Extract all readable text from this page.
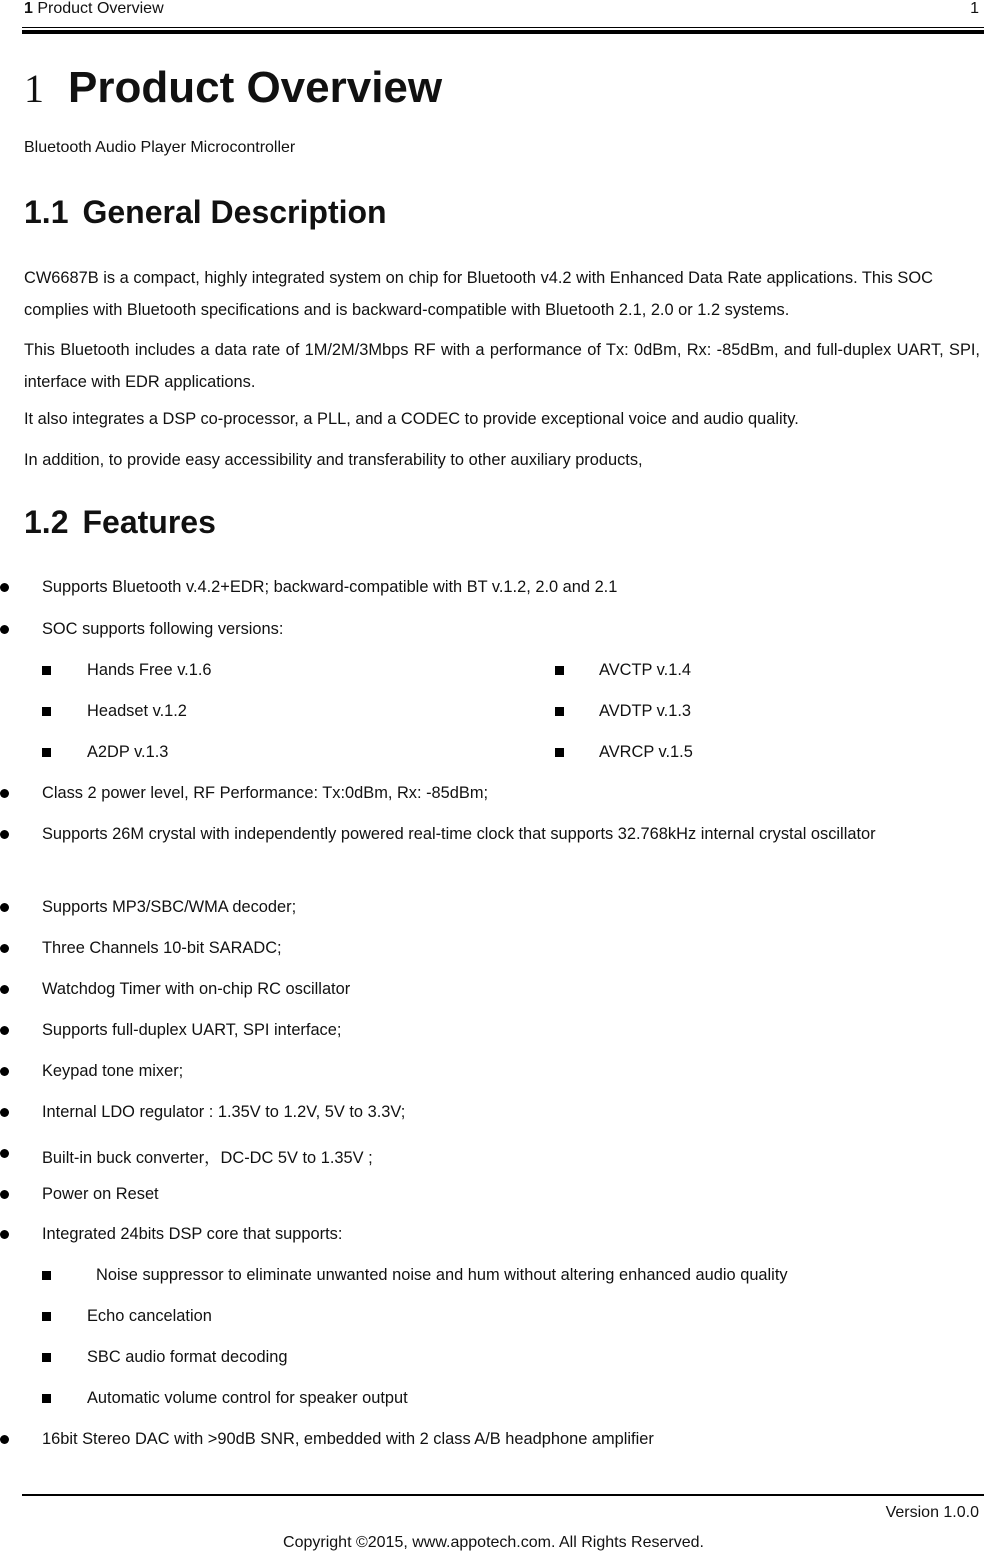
1 Product Overview	1
1 Product Overview
Bluetooth Audio Player Microcontroller
1.1 General Description
CW6687B is a compact, highly integrated system on chip for Bluetooth v4.2 with Enhanced Data Rate applications. This SOC complies with Bluetooth specifications and is backward-compatible with Bluetooth 2.1, 2.0 or 1.2 systems.
This Bluetooth includes a data rate of 1M/2M/3Mbps RF with a performance of Tx: 0dBm, Rx: -85dBm, and full-duplex UART, SPI, interface with EDR applications.
It also integrates a DSP co-processor, a PLL, and a CODEC to provide exceptional voice and audio quality.
In addition, to provide easy accessibility and transferability to other auxiliary products,
1.2 Features
Supports Bluetooth v.4.2+EDR; backward-compatible with BT v.1.2, 2.0 and 2.1
SOC supports following versions:
Hands Free v.1.6	AVCTP v.1.4
Headset v.1.2	AVDTP v.1.3
A2DP v.1.3	AVRCP v.1.5
Class 2 power level, RF Performance: Tx:0dBm, Rx: -85dBm;
Supports 26M crystal with independently powered real-time clock that supports 32.768kHz internal crystal oscillator
Supports MP3/SBC/WMA decoder;
Three Channels 10-bit SARADC;
Watchdog Timer with on-chip RC oscillator
Supports full-duplex UART, SPI interface;
Keypad tone mixer;
Internal LDO regulator : 1.35V to 1.2V, 5V to 3.3V;
Built-in buck converter，DC-DC 5V to 1.35V ;
Power on Reset
Integrated 24bits DSP core that supports:
Noise suppressor to eliminate unwanted noise and hum without altering enhanced audio quality
Echo cancelation
SBC audio format decoding
Automatic volume control for speaker output
16bit Stereo DAC with >90dB SNR, embedded with 2 class A/B headphone amplifier
Version 1.0.0
Copyright ©2015, www.appotech.com. All Rights Reserved.
